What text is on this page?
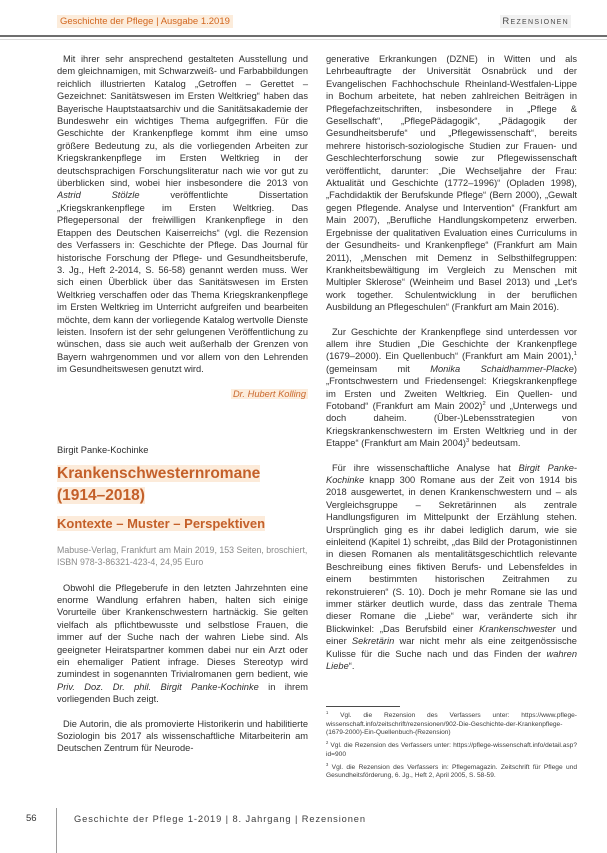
Geschichte der Pflege | Ausgabe 1.2019	Rezensionen

Mit ihrer sehr ansprechend gestalteten Ausstellung und dem gleichnamigen, mit Schwarzweiß- und Farbabbildungen reichlich illustrierten Katalog „Getroffen – Gerettet – Gezeichnet: Sanitätswesen im Ersten Weltkrieg“ haben das Bayerische Hauptstaatsarchiv und die Sanitätsakademie der Bundeswehr ein wichtiges Thema aufgegriffen. Für die Geschichte der Krankenpflege kommt ihm eine umso größere Bedeutung zu, als die vorliegenden Arbeiten zur Kriegskrankenpflege im Ersten Weltkrieg in der deutschsprachigen Forschungsliteratur nach wie vor gut zu überblicken sind, wobei hier insbesondere die 2013 von Astrid Stölzle veröffentlichte Dissertation „Kriegskrankenpflege im Ersten Weltkrieg. Das Pflegepersonal der freiwilligen Krankenpflege in den Etappen des Deutschen Kaiserreichs“ (vgl. die Rezension des Verfassers in: Geschichte der Pflege. Das Journal für historische Forschung der Pflege- und Gesundheitsberufe, 3. Jg., Heft 2-2014, S. 56-58) genannt werden muss. Wer sich einen Überblick über das Sanitätswesen im Ersten Weltkrieg verschaffen oder das Thema Kriegskrankenpflege im Ersten Weltkrieg im Unterricht aufgreifen und bearbeiten möchte, dem kann der vorliegende Katalog wertvolle Dienste leisten. Insofern ist der sehr gelungenen Veröffentlichung zu wünschen, dass sie auch weit außerhalb der Grenzen von Bayern wahrgenommen und vor allem von den Lehrenden im Gesundheitswesen genutzt wird.

Dr. Hubert Kolling
Birgit Panke-Kochinke
Krankenschwesternromane (1914–2018)
Kontexte – Muster – Perspektiven
Mabuse-Verlag, Frankfurt am Main 2019, 153 Seiten, broschiert, ISBN 978-3-86321-423-4, 24,95 Euro

Obwohl die Pflegeberufe in den letzten Jahrzehnten eine enorme Wandlung erfahren haben, halten sich einige Vorurteile über Krankenschwestern hartnäckig. Sie gelten vielfach als pflichtbewusste und selbstlose Frauen, die immer auf der Suche nach der wahren Liebe sind. Als geeigneter Heiratspartner kommen dabei nur ein Arzt oder ein ehemaliger Patient infrage. Dieses Stereotyp wird zumindest in sogenannten Trivialromanen gern bedient, wie Priv. Doz. Dr. phil. Birgit Panke-Kochinke in ihrem vorliegenden Buch zeigt.

Die Autorin, die als promovierte Historikerin und habilitierte Soziologin bis 2017 als wissenschaftliche Mitarbeiterin am Deutschen Zentrum für Neurode-

generative Erkrankungen (DZNE) in Witten und als Lehrbeauftragte der Universität Osnabrück und der Evangelischen Fachhochschule Rheinland-Westfalen-Lippe in Bochum arbeitete, hat neben zahlreichen Beiträgen in Pflegefachzeitschriften, insbesondere in „Pflege & Gesellschaft“, „PflegePädagogik“, „Pädagogik der Gesundheitsberufe“ und „Pflegewissenschaft“, bereits mehrere historisch-soziologische Studien zur Frauen- und Geschlechterforschung sowie zur Pflegewissenschaft veröffentlicht, darunter: „Die Wechseljahre der Frau: Aktualität und Geschichte (1772–1996)“ (Opladen 1998), „Fachdidaktik der Berufskunde Pflege“ (Bern 2000), „Gewalt gegen Pflegende. Analyse und Intervention“ (Frankfurt am Main 2007), „Berufliche Handlungskompetenz erwerben. Ergebnisse der qualitativen Evaluation eines Curriculums in der Gesundheits- und Krankenpflege“ (Frankfurt am Main 2011), „Menschen mit Demenz in Selbsthilfegruppen: Krankheitsbewältigung im Vergleich zu Menschen mit Multipler Sklerose“ (Weinheim und Basel 2013) und „Let's work together. Schulentwicklung in der beruflichen Ausbildung an Pflegeschulen“ (Frankfurt am Main 2016).

Zur Geschichte der Krankenpflege sind unterdessen vor allem ihre Studien „Die Geschichte der Krankenpflege (1679–2000). Ein Quellenbuch“ (Frankfurt am Main 2001),$^1$ (gemeinsam mit Monika Schaidhammer-Placke) „Frontschwestern und Friedensengel: Kriegskrankenpflege im Ersten und Zweiten Weltkrieg. Ein Quellen- und Fotoband“ (Frankfurt am Main 2002)$^2$ und „Unterwegs und doch daheim. (Über-)Lebensstrategien von Kriegskrankenschwestern im Ersten Weltkrieg und in der Etappe“ (Frankfurt am Main 2004)$^3$ bedeutsam.

Für ihre wissenschaftliche Analyse hat Birgit Panke-Kochinke knapp 300 Romane aus der Zeit von 1914 bis 2018 ausgewertet, in denen Krankenschwestern und – als Vergleichsgruppe – Sekretärinnen als zentrale Handlungsfiguren im Mittelpunkt der Erzählung stehen. Ursprünglich ging es ihr dabei lediglich darum, wie sie einleitend (Kapitel 1) schreibt, „das Bild der Protagonistinnen in diesen Romanen als mentalitätsgeschichtlich relevante Beschreibung eines fiktiven Berufs- und Lebensfeldes in einem bestimmten historischen Zeitrahmen zu rekonstruieren“ (S. 10). Doch je mehr Romane sie las und immer stärker deutlich wurde, dass das zentrale Thema dieser Romane die „Liebe“ war, veränderte sich ihr Blickwinkel: „Das Berufsbild einer Krankenschwester und einer Sekretärin war nicht mehr als eine zeitgenössische Kulisse für die Suche nach und das Finden der wahren Liebe“.

$^1$ Vgl. die Rezension des Verfassers unter: https://www.pflege-wissenschaft.info/zeitschrift/rezensionen/902-Die-Geschichte-der-Krankenpflege-(1679-2000)-Ein-Quellenbuch-(Rezension)

$^2$ Vgl. die Rezension des Verfassers unter: https://pflege-wissenschaft.info/detail.asp?id=900

$^3$ Vgl. die Rezension des Verfassers in: Pflegemagazin. Zeitschrift für Pflege und Gesundheitsförderung, 6. Jg., Heft 2, April 2005, S. 58-59.

56	Geschichte der Pflege 1-2019 | 8. Jahrgang | Rezensionen
